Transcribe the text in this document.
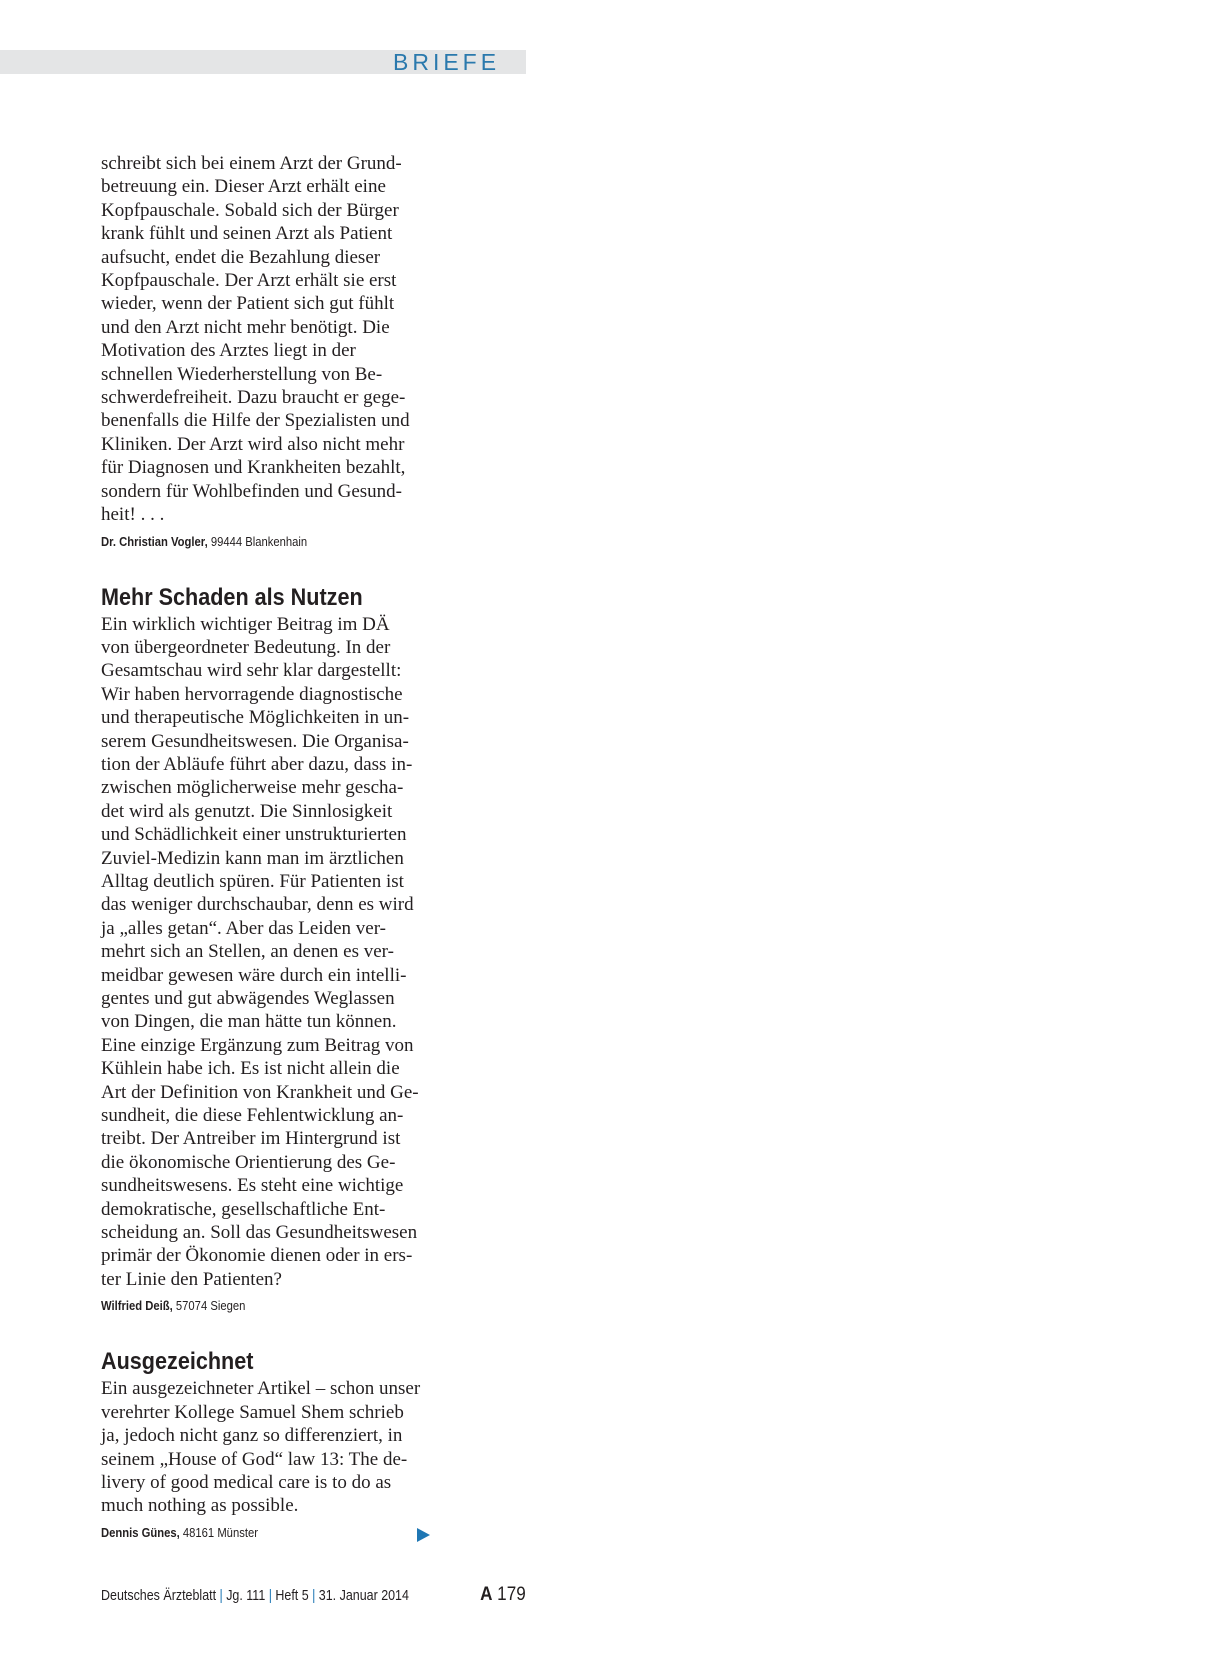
BRIEFE

schreibt sich bei einem Arzt der Grund-

betreuung ein. Dieser Arzt erhält eine

Kopfpauschale. Sobald sich der Bürger

krank fühlt und seinen Arzt als Patient

aufsucht, endet die Bezahlung dieser

Kopfpauschale. Der Arzt erhält sie erst

wieder, wenn der Patient sich gut fühlt

und den Arzt nicht mehr benötigt. Die

Motivation des Arztes liegt in der

schnellen Wiederherstellung von Be-

schwerdefreiheit. Dazu braucht er gege-

benenfalls die Hilfe der Spezialisten und

Kliniken. Der Arzt wird also nicht mehr

für Diagnosen und Krankheiten bezahlt,

sondern für Wohlbefinden und Gesund-

heit! . . .

Dr. Christian Vogler, 99444 Blankenhain

Mehr Schaden als Nutzen

Ein wirklich wichtiger Beitrag im DÄ

von übergeordneter Bedeutung. In der

Gesamtschau wird sehr klar dargestellt:

Wir haben hervorragende diagnostische

und therapeutische Möglichkeiten in un-

serem Gesundheitswesen. Die Organisa-

tion der Abläufe führt aber dazu, dass in-

zwischen möglicherweise mehr gescha-

det wird als genutzt. Die Sinnlosigkeit

und Schädlichkeit einer unstrukturierten

Zuviel-Medizin kann man im ärztlichen

Alltag deutlich spüren. Für Patienten ist

das weniger durchschaubar, denn es wird

ja „alles getan“. Aber das Leiden ver-

mehrt sich an Stellen, an denen es ver-

meidbar gewesen wäre durch ein intelli-

gentes und gut abwägendes Weglassen

von Dingen, die man hätte tun können.

Eine einzige Ergänzung zum Beitrag von

Kühlein habe ich. Es ist nicht allein die

Art der Definition von Krankheit und Ge-

sundheit, die diese Fehlentwicklung an-

treibt. Der Antreiber im Hintergrund ist

die ökonomische Orientierung des Ge-

sundheitswesens. Es steht eine wichtige

demokratische, gesellschaftliche Ent-

scheidung an. Soll das Gesundheitswesen

primär der Ökonomie dienen oder in ers-

ter Linie den Patienten?

Wilfried Deiß, 57074 Siegen

Ausgezeichnet

Ein ausgezeichneter Artikel – schon unser

verehrter Kollege Samuel Shem schrieb

ja, jedoch nicht ganz so differenziert, in

seinem „House of God“ law 13: The de-

livery of good medical care is to do as

much nothing as possible.

Dennis Günes, 48161 Münster

Deutsches Ärzteblatt | Jg. 111 | Heft 5 | 31. Januar 2014	A 179
